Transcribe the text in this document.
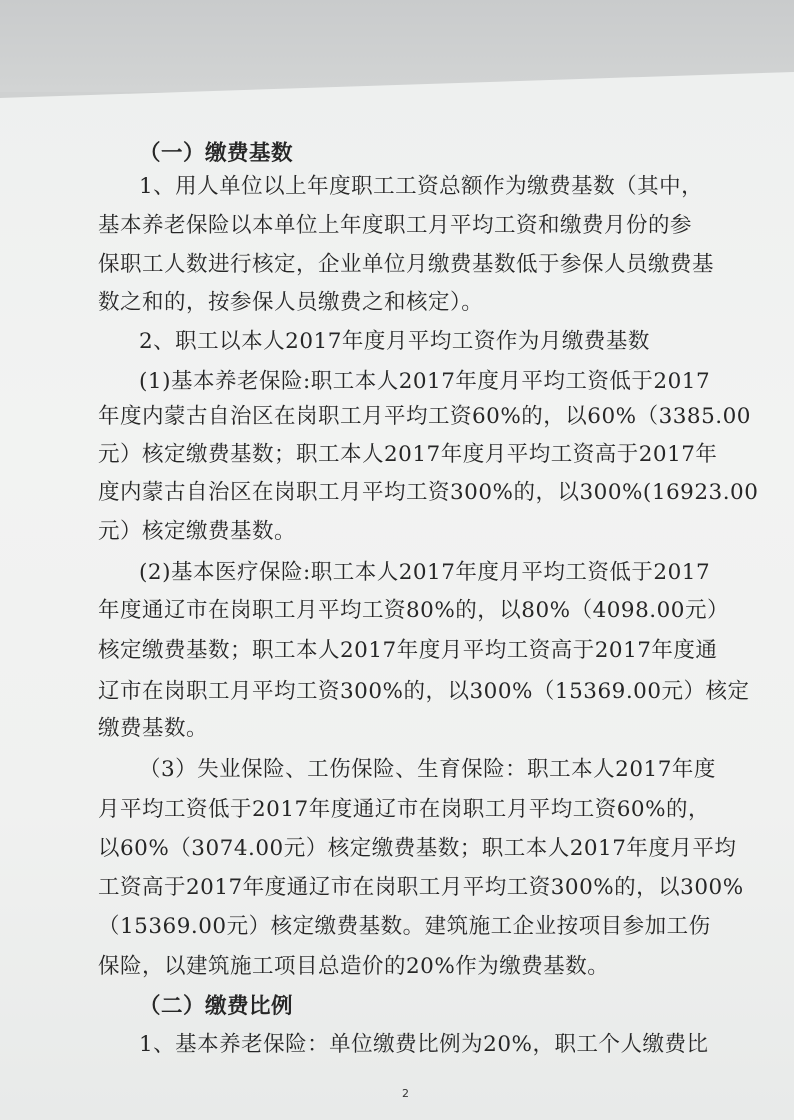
（一）缴费基数
1、用人单位以上年度职工工资总额作为缴费基数（其中，
基本养老保险以本单位上年度职工月平均工资和缴费月份的参
保职工人数进行核定，企业单位月缴费基数低于参保人员缴费基
数之和的，按参保人员缴费之和核定）。
2、职工以本人2017年度月平均工资作为月缴费基数
(1)基本养老保险:职工本人2017年度月平均工资低于2017
年度内蒙古自治区在岗职工月平均工资60%的，以60%（3385.00
元）核定缴费基数；职工本人2017年度月平均工资高于2017年
度内蒙古自治区在岗职工月平均工资300%的，以300%(16923.00
元）核定缴费基数。
(2)基本医疗保险:职工本人2017年度月平均工资低于2017
年度通辽市在岗职工月平均工资80%的，以80%（4098.00元）
核定缴费基数；职工本人2017年度月平均工资高于2017年度通
辽市在岗职工月平均工资300%的，以300%（15369.00元）核定
缴费基数。
（3）失业保险、工伤保险、生育保险：职工本人2017年度
月平均工资低于2017年度通辽市在岗职工月平均工资60%的，
以60%（3074.00元）核定缴费基数；职工本人2017年度月平均
工资高于2017年度通辽市在岗职工月平均工资300%的，以300%
（15369.00元）核定缴费基数。建筑施工企业按项目参加工伤
保险，以建筑施工项目总造价的20%作为缴费基数。
（二）缴费比例
1、基本养老保险：单位缴费比例为20%，职工个人缴费比
2
